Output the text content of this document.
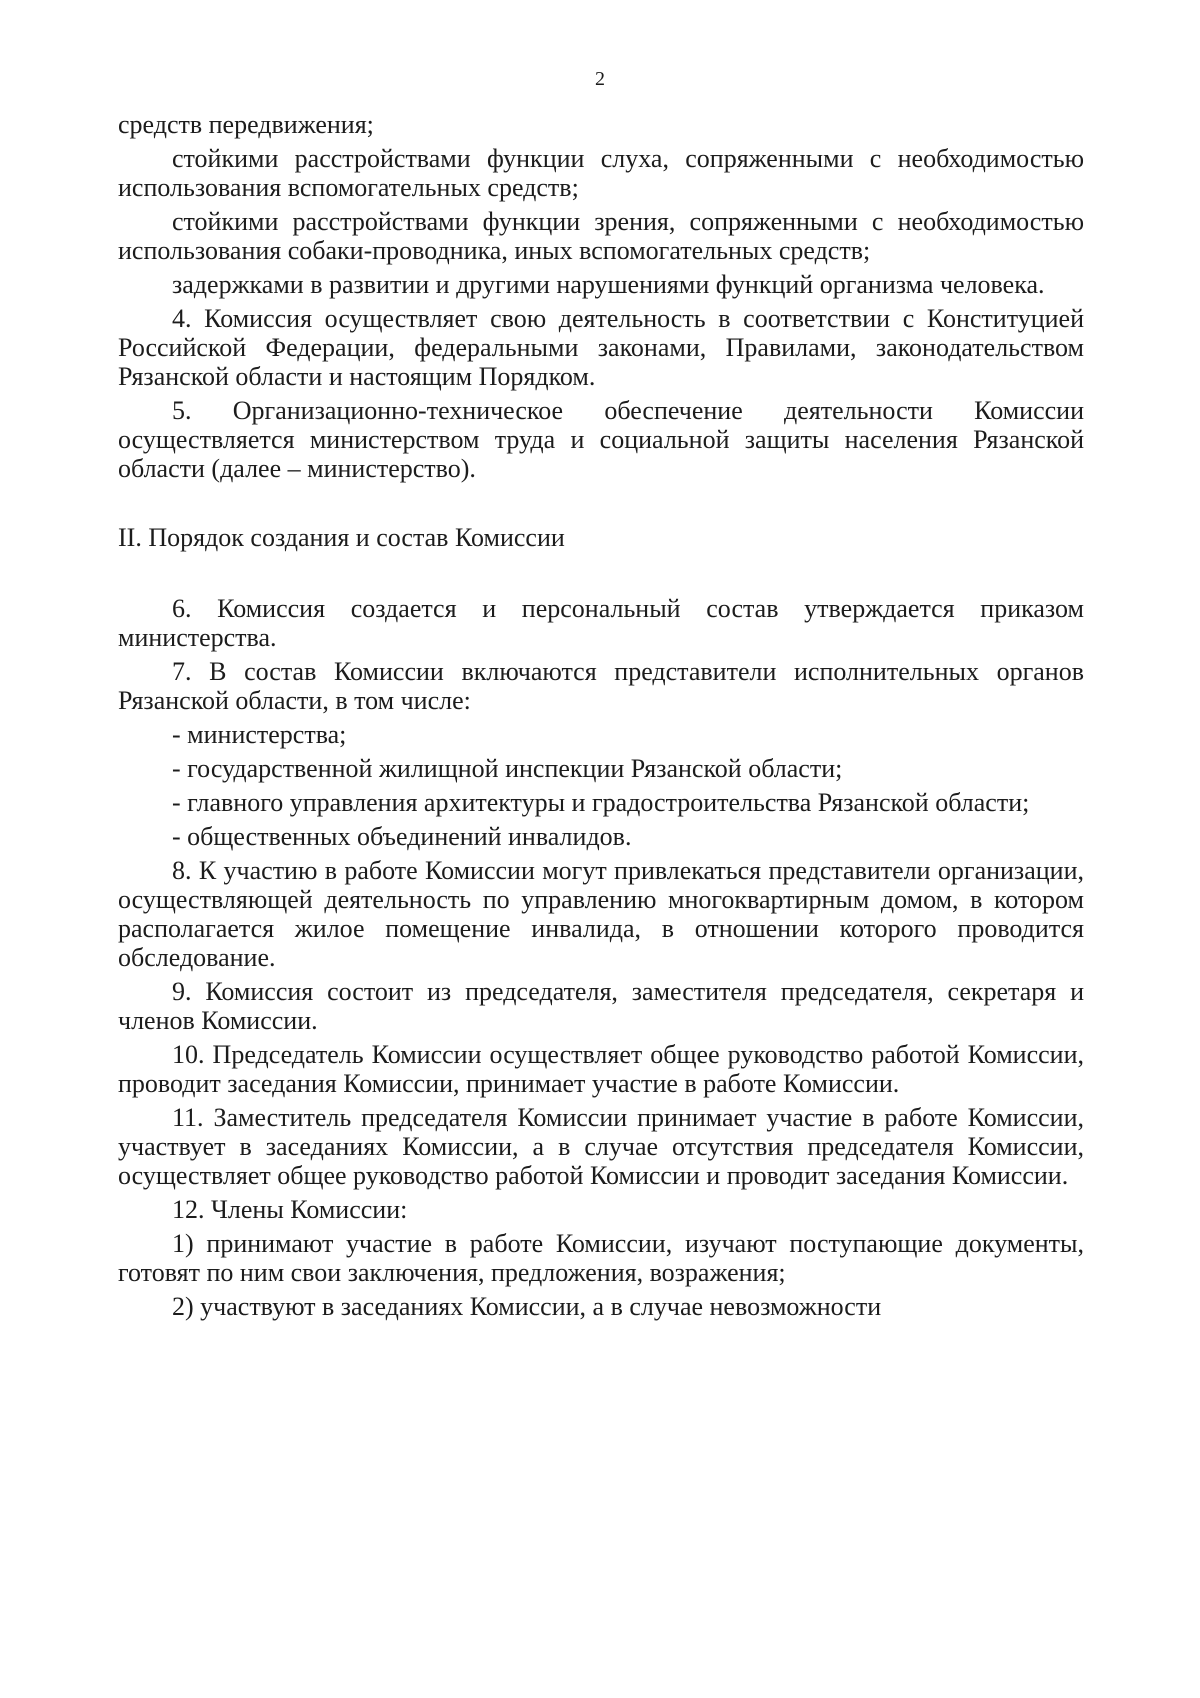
2

средств передвижения;

стойкими расстройствами функции слуха, сопряженными с необходимостью использования вспомогательных средств;

стойкими расстройствами функции зрения, сопряженными с необходимостью использования собаки-проводника, иных вспомогательных средств;

задержками в развитии и другими нарушениями функций организма человека.

4. Комиссия осуществляет свою деятельность в соответствии с Конституцией Российской Федерации, федеральными законами, Правилами, законодательством Рязанской области и настоящим Порядком.

5. Организационно-техническое обеспечение деятельности Комиссии осуществляется министерством труда и социальной защиты населения Рязанской области (далее – министерство).

II. Порядок создания и состав Комиссии

6. Комиссия создается и персональный состав утверждается приказом министерства.

7. В состав Комиссии включаются представители исполнительных органов Рязанской области, в том числе:

- министерства;

- государственной жилищной инспекции Рязанской области;

- главного управления архитектуры и градостроительства Рязанской области;

- общественных объединений инвалидов.

8. К участию в работе Комиссии могут привлекаться представители организации, осуществляющей деятельность по управлению многоквартирным домом, в котором располагается жилое помещение инвалида, в отношении которого проводится обследование.

9. Комиссия состоит из председателя, заместителя председателя, секретаря и членов Комиссии.

10. Председатель Комиссии осуществляет общее руководство работой Комиссии, проводит заседания Комиссии, принимает участие в работе Комиссии.

11. Заместитель председателя Комиссии принимает участие в работе Комиссии, участвует в заседаниях Комиссии, а в случае отсутствия председателя Комиссии, осуществляет общее руководство работой Комиссии и проводит заседания Комиссии.

12. Члены Комиссии:

1) принимают участие в работе Комиссии, изучают поступающие документы, готовят по ним свои заключения, предложения, возражения;

2) участвуют в заседаниях Комиссии, а в случае невозможности
